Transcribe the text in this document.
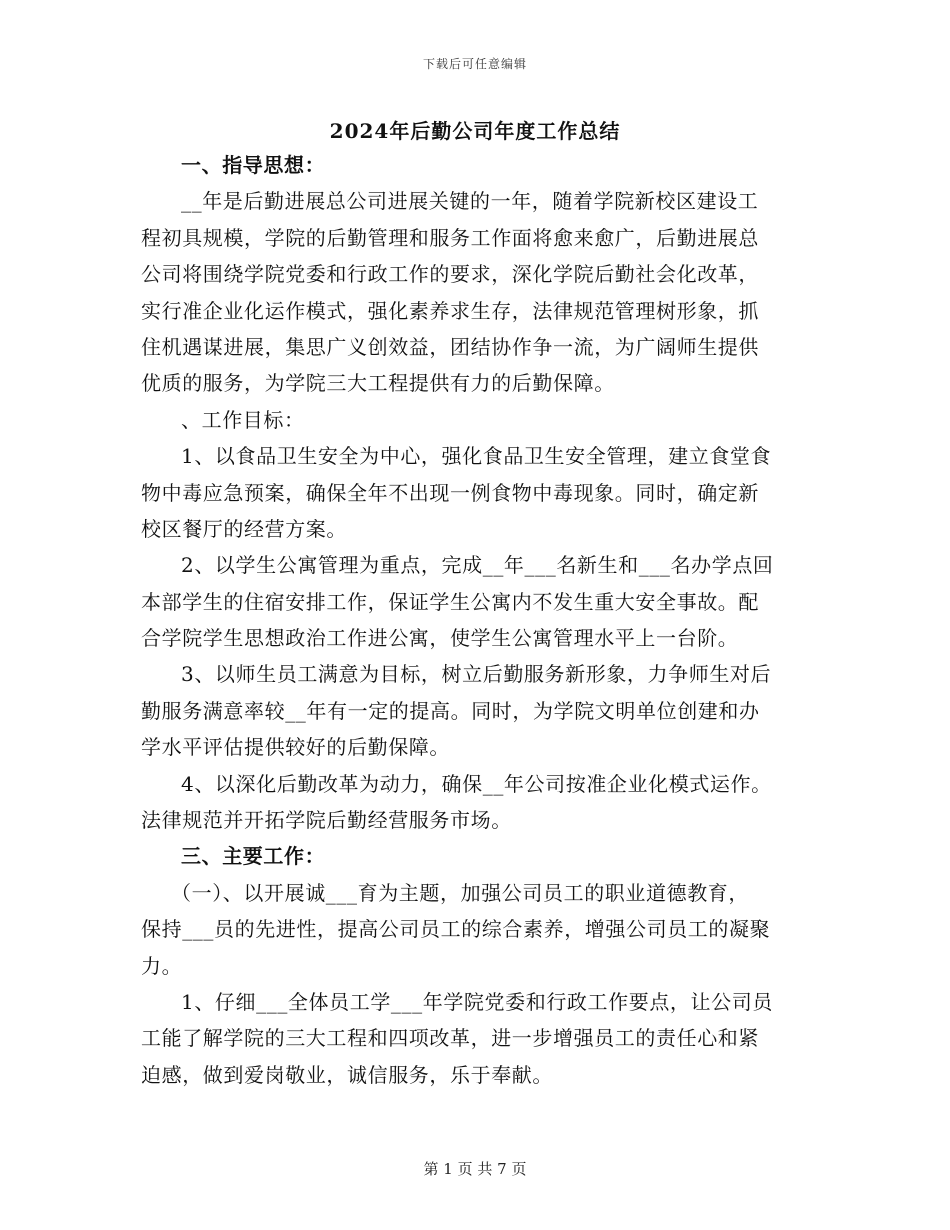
下载后可任意编辑
2024年后勤公司年度工作总结
一、指导思想：
__年是后勤进展总公司进展关键的一年，随着学院新校区建设工
程初具规模，学院的后勤管理和服务工作面将愈来愈广，后勤进展总
公司将围绕学院党委和行政工作的要求，深化学院后勤社会化改革，
实行准企业化运作模式，强化素养求生存，法律规范管理树形象，抓
住机遇谋进展，集思广义创效益，团结协作争一流，为广阔师生提供
优质的服务，为学院三大工程提供有力的后勤保障。
、工作目标：
1、以食品卫生安全为中心，强化食品卫生安全管理，建立食堂食
物中毒应急预案，确保全年不出现一例食物中毒现象。同时，确定新
校区餐厅的经营方案。
2、以学生公寓管理为重点，完成__年___名新生和___名办学点回
本部学生的住宿安排工作，保证学生公寓内不发生重大安全事故。配
合学院学生思想政治工作进公寓，使学生公寓管理水平上一台阶。
3、以师生员工满意为目标，树立后勤服务新形象，力争师生对后
勤服务满意率较__年有一定的提高。同时，为学院文明单位创建和办
学水平评估提供较好的后勤保障。
4、以深化后勤改革为动力，确保__年公司按准企业化模式运作。
法律规范并开拓学院后勤经营服务市场。
三、主要工作：
（一）、以开展诚___育为主题，加强公司员工的职业道德教育，
保持___员的先进性，提高公司员工的综合素养，增强公司员工的凝聚
力。
1、仔细___全体员工学___年学院党委和行政工作要点，让公司员
工能了解学院的三大工程和四项改革，进一步增强员工的责任心和紧
迫感，做到爱岗敬业，诚信服务，乐于奉献。
第 1 页 共 7 页
